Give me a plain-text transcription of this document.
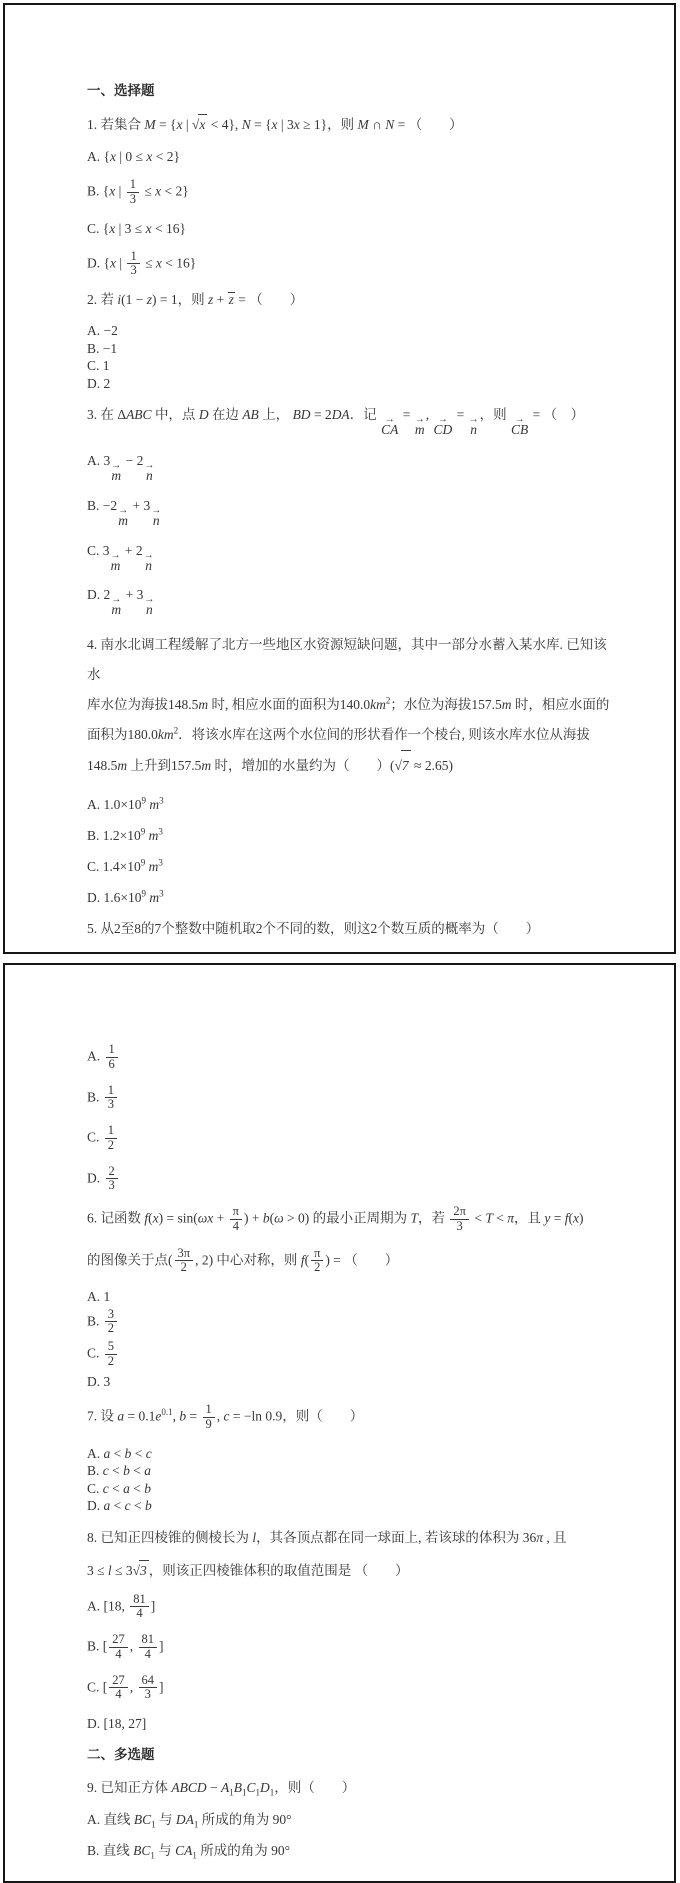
一、选择题
1. 若集合 M = {x | √ x < 4}, N = {x | 3x ≥ 1}，则 M ∩ N = （　　）
A. {x | 0 ≤ x < 2}
B. {x | $\frac{1}{3} \le x < 2$}
C. {x | 3 ≤ x < 16}
D. {x | $\frac{1}{3} \le x < 16$}
2. 若 i(1 − z) = 1，则 z + z = （　　）
A. −2
B. −1
C. 1
D. 2
3. 在 ΔABC 中，点 D 在边 AB 上， BD = 2DA．记 →
CA
= →
m
, →
CD
= →
n
，则 →
CB
= （　）
A. 3 →
m
− 2 →
n
B. −2 →
m
+ 3 →
n
C. 3 →
m
+ 2 →
n
D. 2 →
m
+ 3 →
n
4. 南水北调工程缓解了北方一些地区水资源短缺问题，其中一部分水蓄入某水库. 已知该水
库水位为海拔148.5m 时, 相应水面的面积为$140.0km^2$；水位为海拔157.5m 时，相应水面的
面积为$180.0km^2$．将该水库在这两个水位间的形状看作一个棱台, 则该水库水位从海拔
148.5m 上升到157.5m 时，增加的水量约为（　　）( √ 7 ≈ 2.65)
A. $1.0\times 10^9$ $m^3$
B. $1.2\times 10^9$ $m^3$
C. $1.4\times 10^9$ $m^3$
D. $1.6\times 10^9$ $m^3$
5. 从2至8的7个整数中随机取2个不同的数，则这2个数互质的概率为（　　）
A. $\frac{1}{6}$
B. $\frac{1}{3}$
C. $\frac{1}{2}$
D. $\frac{2}{3}$
6. 记函数 $f(x) = \sin(\omega x + \frac{\pi}{4}$ ) + b(ω > 0) 的最小正周期为 T，若 $\frac{2\pi}{3} < T < \pi$，且 y = f(x)
的图像关于点( $\frac{3\pi}{2}$ , 2) 中心对称，则 $f( \frac{\pi}{2}$ ) = （　　）
A. 1
B. $\frac{3}{2}$
C. $\frac{5}{2}$
D. 3
7. 设 $a = 0.1e^{0.1}$, $b = \frac{1}{9}$ , c = −ln 0.9，则（　　）
A. a < b < c
B. c < b < a
C. c < a < b
D. a < c < b
8. 已知正四棱锥的侧棱长为 l，其各顶点都在同一球面上, 若该球的体积为 36π , 且
3 ≤ l ≤ 3 √ 3 ，则该正四棱锥体积的取值范围是 （　　）
A. [18, $\frac{81}{4}$ ]
B. [ $\frac{27}{4}$ , $\frac{81}{4}$ ]
C. [ $\frac{27}{4}$ , $\frac{64}{3}$ ]
D. [18, 27]
二、多选题
9. 已知正方体 ABCD − $A_1B_1C_1D_1$，则（　　）
A. 直线 $BC_1$ 与 $DA_1$ 所成的角为 90°
B. 直线 $BC_1$ 与 $CA_1$ 所成的角为 90°
